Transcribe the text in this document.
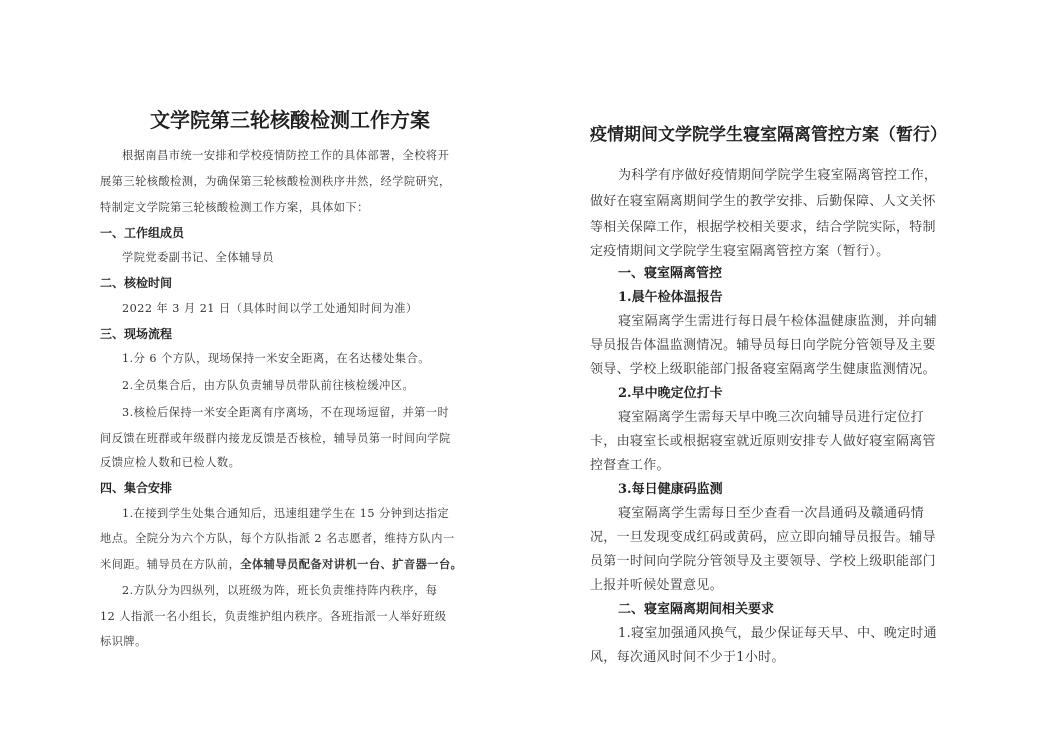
文学院第三轮核酸检测工作方案
根据南昌市统一安排和学校疫情防控工作的具体部署，全校将开
展第三轮核酸检测，为确保第三轮核酸检测秩序井然，经学院研究，
特制定文学院第三轮核酸检测工作方案，具体如下：
一、工作组成员
学院党委副书记、全体辅导员
二、核检时间
2022 年 3 月 21 日（具体时间以学工处通知时间为准）
三、现场流程
1.分 6 个方队，现场保持一米安全距离，在名达楼处集合。
2.全员集合后，由方队负责辅导员带队前往核检缓冲区。
3.核检后保持一米安全距离有序离场，不在现场逗留，并第一时
间反馈在班群或年级群内接龙反馈是否核检，辅导员第一时间向学院
反馈应检人数和已检人数。
四、集合安排
1.在接到学生处集合通知后，迅速组建学生在 15 分钟到达指定
地点。全院分为六个方队，每个方队指派 2 名志愿者，维持方队内一
米间距。辅导员在方队前，全体辅导员配备对讲机一台、扩音器一台。
2.方队分为四纵列，以班级为阵，班长负责维持阵内秩序，每
12 人指派一名小组长，负责维护组内秩序。各班指派一人举好班级
标识牌。
疫情期间文学院学生寝室隔离管控方案（暂行）
为科学有序做好疫情期间学院学生寝室隔离管控工作，
做好在寝室隔离期间学生的教学安排、后勤保障、人文关怀
等相关保障工作，根据学校相关要求，结合学院实际，特制
定疫情期间文学院学生寝室隔离管控方案（暂行）。
一、寝室隔离管控
1.晨午检体温报告
寝室隔离学生需进行每日晨午检体温健康监测，并向辅
导员报告体温监测情况。辅导员每日向学院分管领导及主要
领导、学校上级职能部门报备寝室隔离学生健康监测情况。
2.早中晚定位打卡
寝室隔离学生需每天早中晚三次向辅导员进行定位打
卡，由寝室长或根据寝室就近原则安排专人做好寝室隔离管
控督查工作。
3.每日健康码监测
寝室隔离学生需每日至少查看一次昌通码及赣通码情
况，一旦发现变成红码或黄码，应立即向辅导员报告。辅导
员第一时间向学院分管领导及主要领导、学校上级职能部门
上报并听候处置意见。
二、寝室隔离期间相关要求
1.寝室加强通风换气，最少保证每天早、中、晚定时通
风，每次通风时间不少于1小时。
